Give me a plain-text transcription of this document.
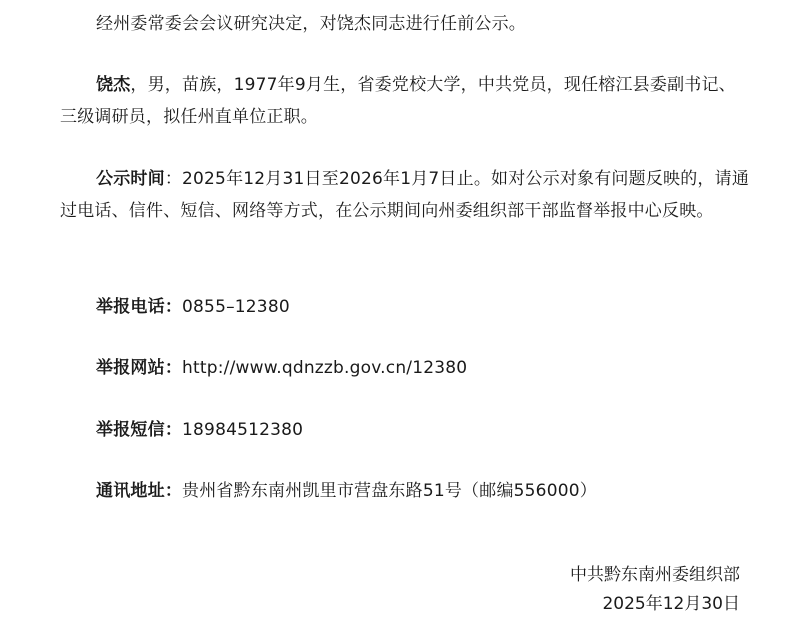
经州委常委会会议研究决定，对饶杰同志进行任前公示。

饶杰，男，苗族，1977年9月生，省委党校大学，中共党员，现任榕江县委副书记、三级调研员，拟任州直单位正职。

公示时间：2025年12月31日至2026年1月7日止。如对公示对象有问题反映的，请通过电话、信件、短信、网络等方式，在公示期间向州委组织部干部监督举报中心反映。

举报电话：0855–12380
举报网站：http://www.qdnzzb.gov.cn/12380
举报短信：18984512380
通讯地址：贵州省黔东南州凯里市营盘东路51号（邮编556000）
中共黔东南州委组织部
2025年12月30日
